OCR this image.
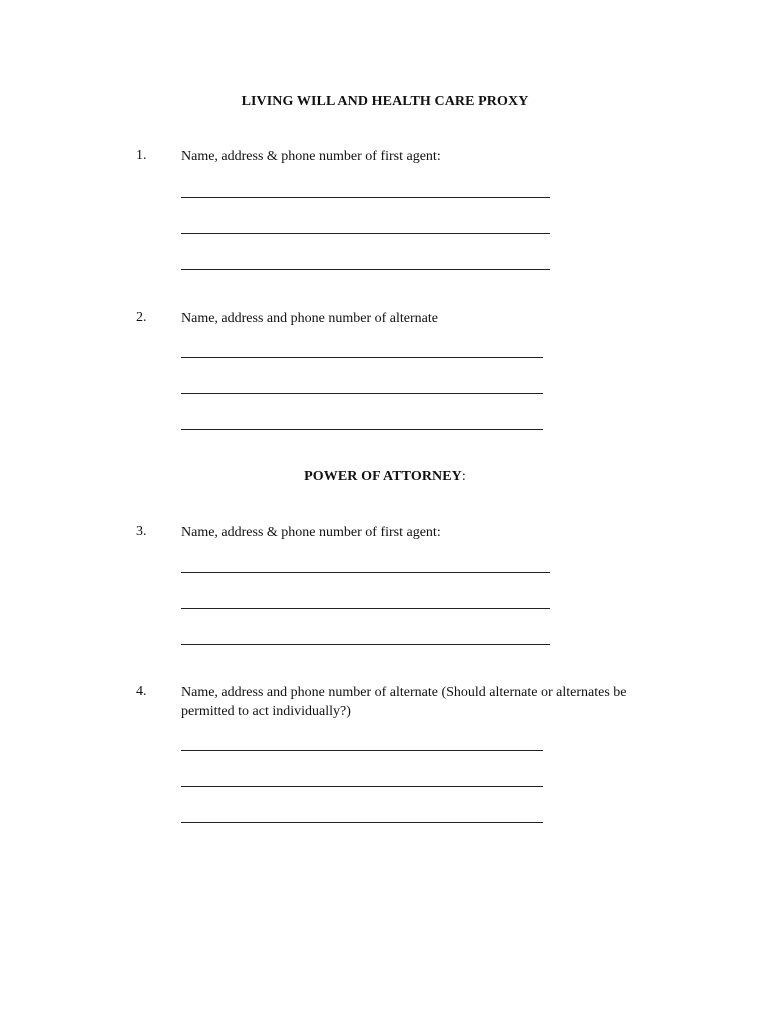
LIVING WILL AND HEALTH CARE PROXY
1. Name, address & phone number of first agent:
2. Name, address and phone number of alternate
POWER OF ATTORNEY:
3. Name, address & phone number of first agent:
4. Name, address and phone number of alternate (Should alternate or alternates be permitted to act individually?)
